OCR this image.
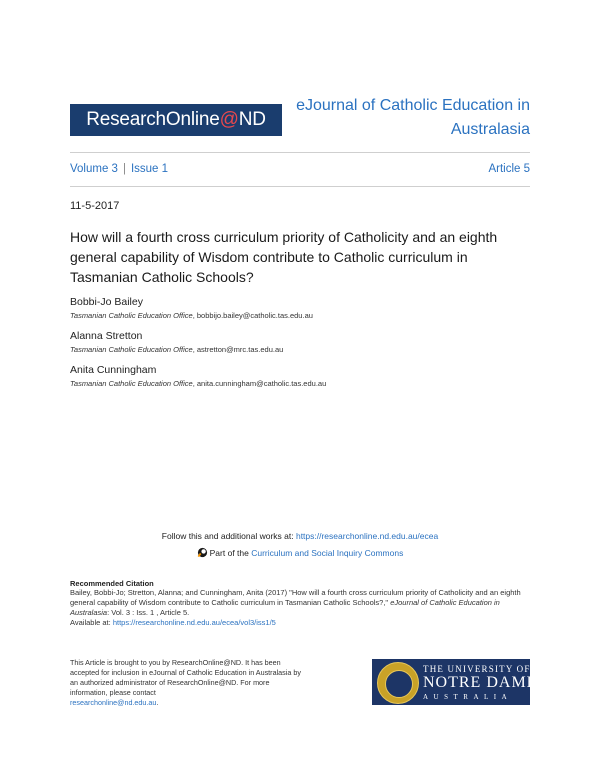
ResearchOnline@ND
eJournal of Catholic Education in
Australasia
Volume 3 | Issue 1	Article 5
11-5-2017
How will a fourth cross curriculum priority of Catholicity and an eighth general capability of Wisdom contribute to Catholic curriculum in Tasmanian Catholic Schools?
Bobbi-Jo Bailey
Tasmanian Catholic Education Office, bobbijo.bailey@catholic.tas.edu.au
Alanna Stretton
Tasmanian Catholic Education Office, astretton@mrc.tas.edu.au
Anita Cunningham
Tasmanian Catholic Education Office, anita.cunningham@catholic.tas.edu.au
Follow this and additional works at: https://researchonline.nd.edu.au/ecea
Part of the Curriculum and Social Inquiry Commons
Recommended Citation
Bailey, Bobbi-Jo; Stretton, Alanna; and Cunningham, Anita (2017) "How will a fourth cross curriculum priority of Catholicity and an eighth general capability of Wisdom contribute to Catholic curriculum in Tasmanian Catholic Schools?," eJournal of Catholic Education in Australasia: Vol. 3 : Iss. 1 , Article 5.
Available at: https://researchonline.nd.edu.au/ecea/vol3/iss1/5
This Article is brought to you by ResearchOnline@ND. It has been accepted for inclusion in eJournal of Catholic Education in Australasia by an authorized administrator of ResearchOnline@ND. For more information, please contact
researchonline@nd.edu.au.
THE UNIVERSITY OF
NOTRE DAME
AUSTRALIA
